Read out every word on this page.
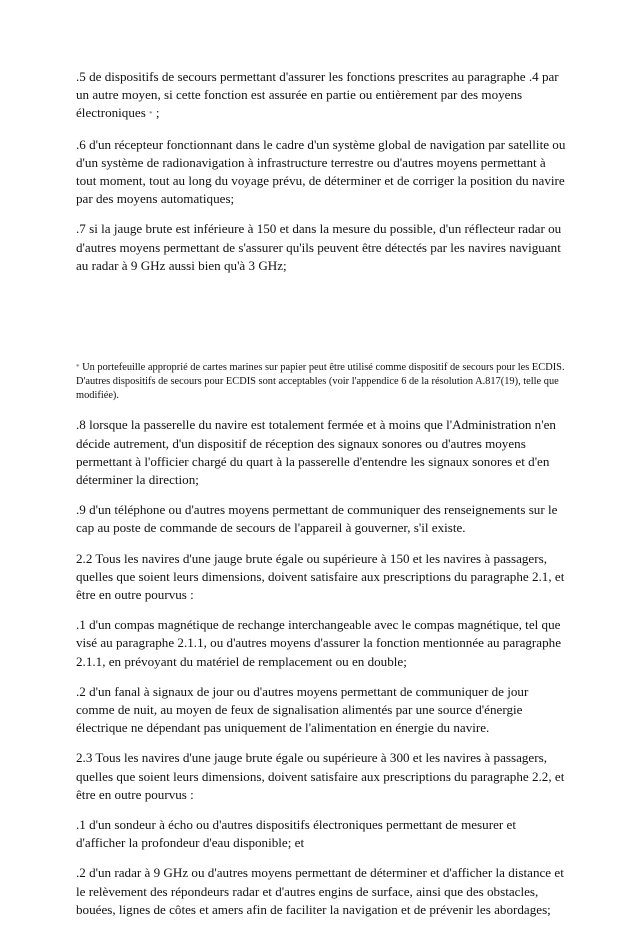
.5 de dispositifs de secours permettant d'assurer les fonctions prescrites au paragraphe .4 par un autre moyen, si cette fonction est assurée en partie ou entièrement par des moyens électroniques * ;

.6 d'un récepteur fonctionnant dans le cadre d'un système global de navigation par satellite ou d'un système de radionavigation à infrastructure terrestre ou d'autres moyens permettant à tout moment, tout au long du voyage prévu, de déterminer et de corriger la position du navire par des moyens automatiques;

.7 si la jauge brute est inférieure à 150 et dans la mesure du possible, d'un réflecteur radar ou d'autres moyens permettant de s'assurer qu'ils peuvent être détectés par les navires naviguant au radar à 9 GHz aussi bien qu'à 3 GHz;

* Un portefeuille approprié de cartes marines sur papier peut être utilisé comme dispositif de secours pour les ECDIS. D'autres dispositifs de secours pour ECDIS sont acceptables (voir l'appendice 6 de la résolution A.817(19), telle que modifiée).

.8 lorsque la passerelle du navire est totalement fermée et à moins que l'Administration n'en décide autrement, d'un dispositif de réception des signaux sonores ou d'autres moyens permettant à l'officier chargé du quart à la passerelle d'entendre les signaux sonores et d'en déterminer la direction;

.9 d'un téléphone ou d'autres moyens permettant de communiquer des renseignements sur le cap au poste de commande de secours de l'appareil à gouverner, s'il existe.

2.2 Tous les navires d'une jauge brute égale ou supérieure à 150 et les navires à passagers, quelles que soient leurs dimensions, doivent satisfaire aux prescriptions du paragraphe 2.1, et être en outre pourvus :

.1 d'un compas magnétique de rechange interchangeable avec le compas magnétique, tel que visé au paragraphe 2.1.1, ou d'autres moyens d'assurer la fonction mentionnée au paragraphe 2.1.1, en prévoyant du matériel de remplacement ou en double;

.2 d'un fanal à signaux de jour ou d'autres moyens permettant de communiquer de jour comme de nuit, au moyen de feux de signalisation alimentés par une source d'énergie électrique ne dépendant pas uniquement de l'alimentation en énergie du navire.

2.3 Tous les navires d'une jauge brute égale ou supérieure à 300 et les navires à passagers, quelles que soient leurs dimensions, doivent satisfaire aux prescriptions du paragraphe 2.2, et être en outre pourvus :

.1 d'un sondeur à écho ou d'autres dispositifs électroniques permettant de mesurer et d'afficher la profondeur d'eau disponible; et

.2 d'un radar à 9 GHz ou d'autres moyens permettant de déterminer et d'afficher la distance et le relèvement des répondeurs radar et d'autres engins de surface, ainsi que des obstacles, bouées, lignes de côtes et amers afin de faciliter la navigation et de prévenir les abordages;
